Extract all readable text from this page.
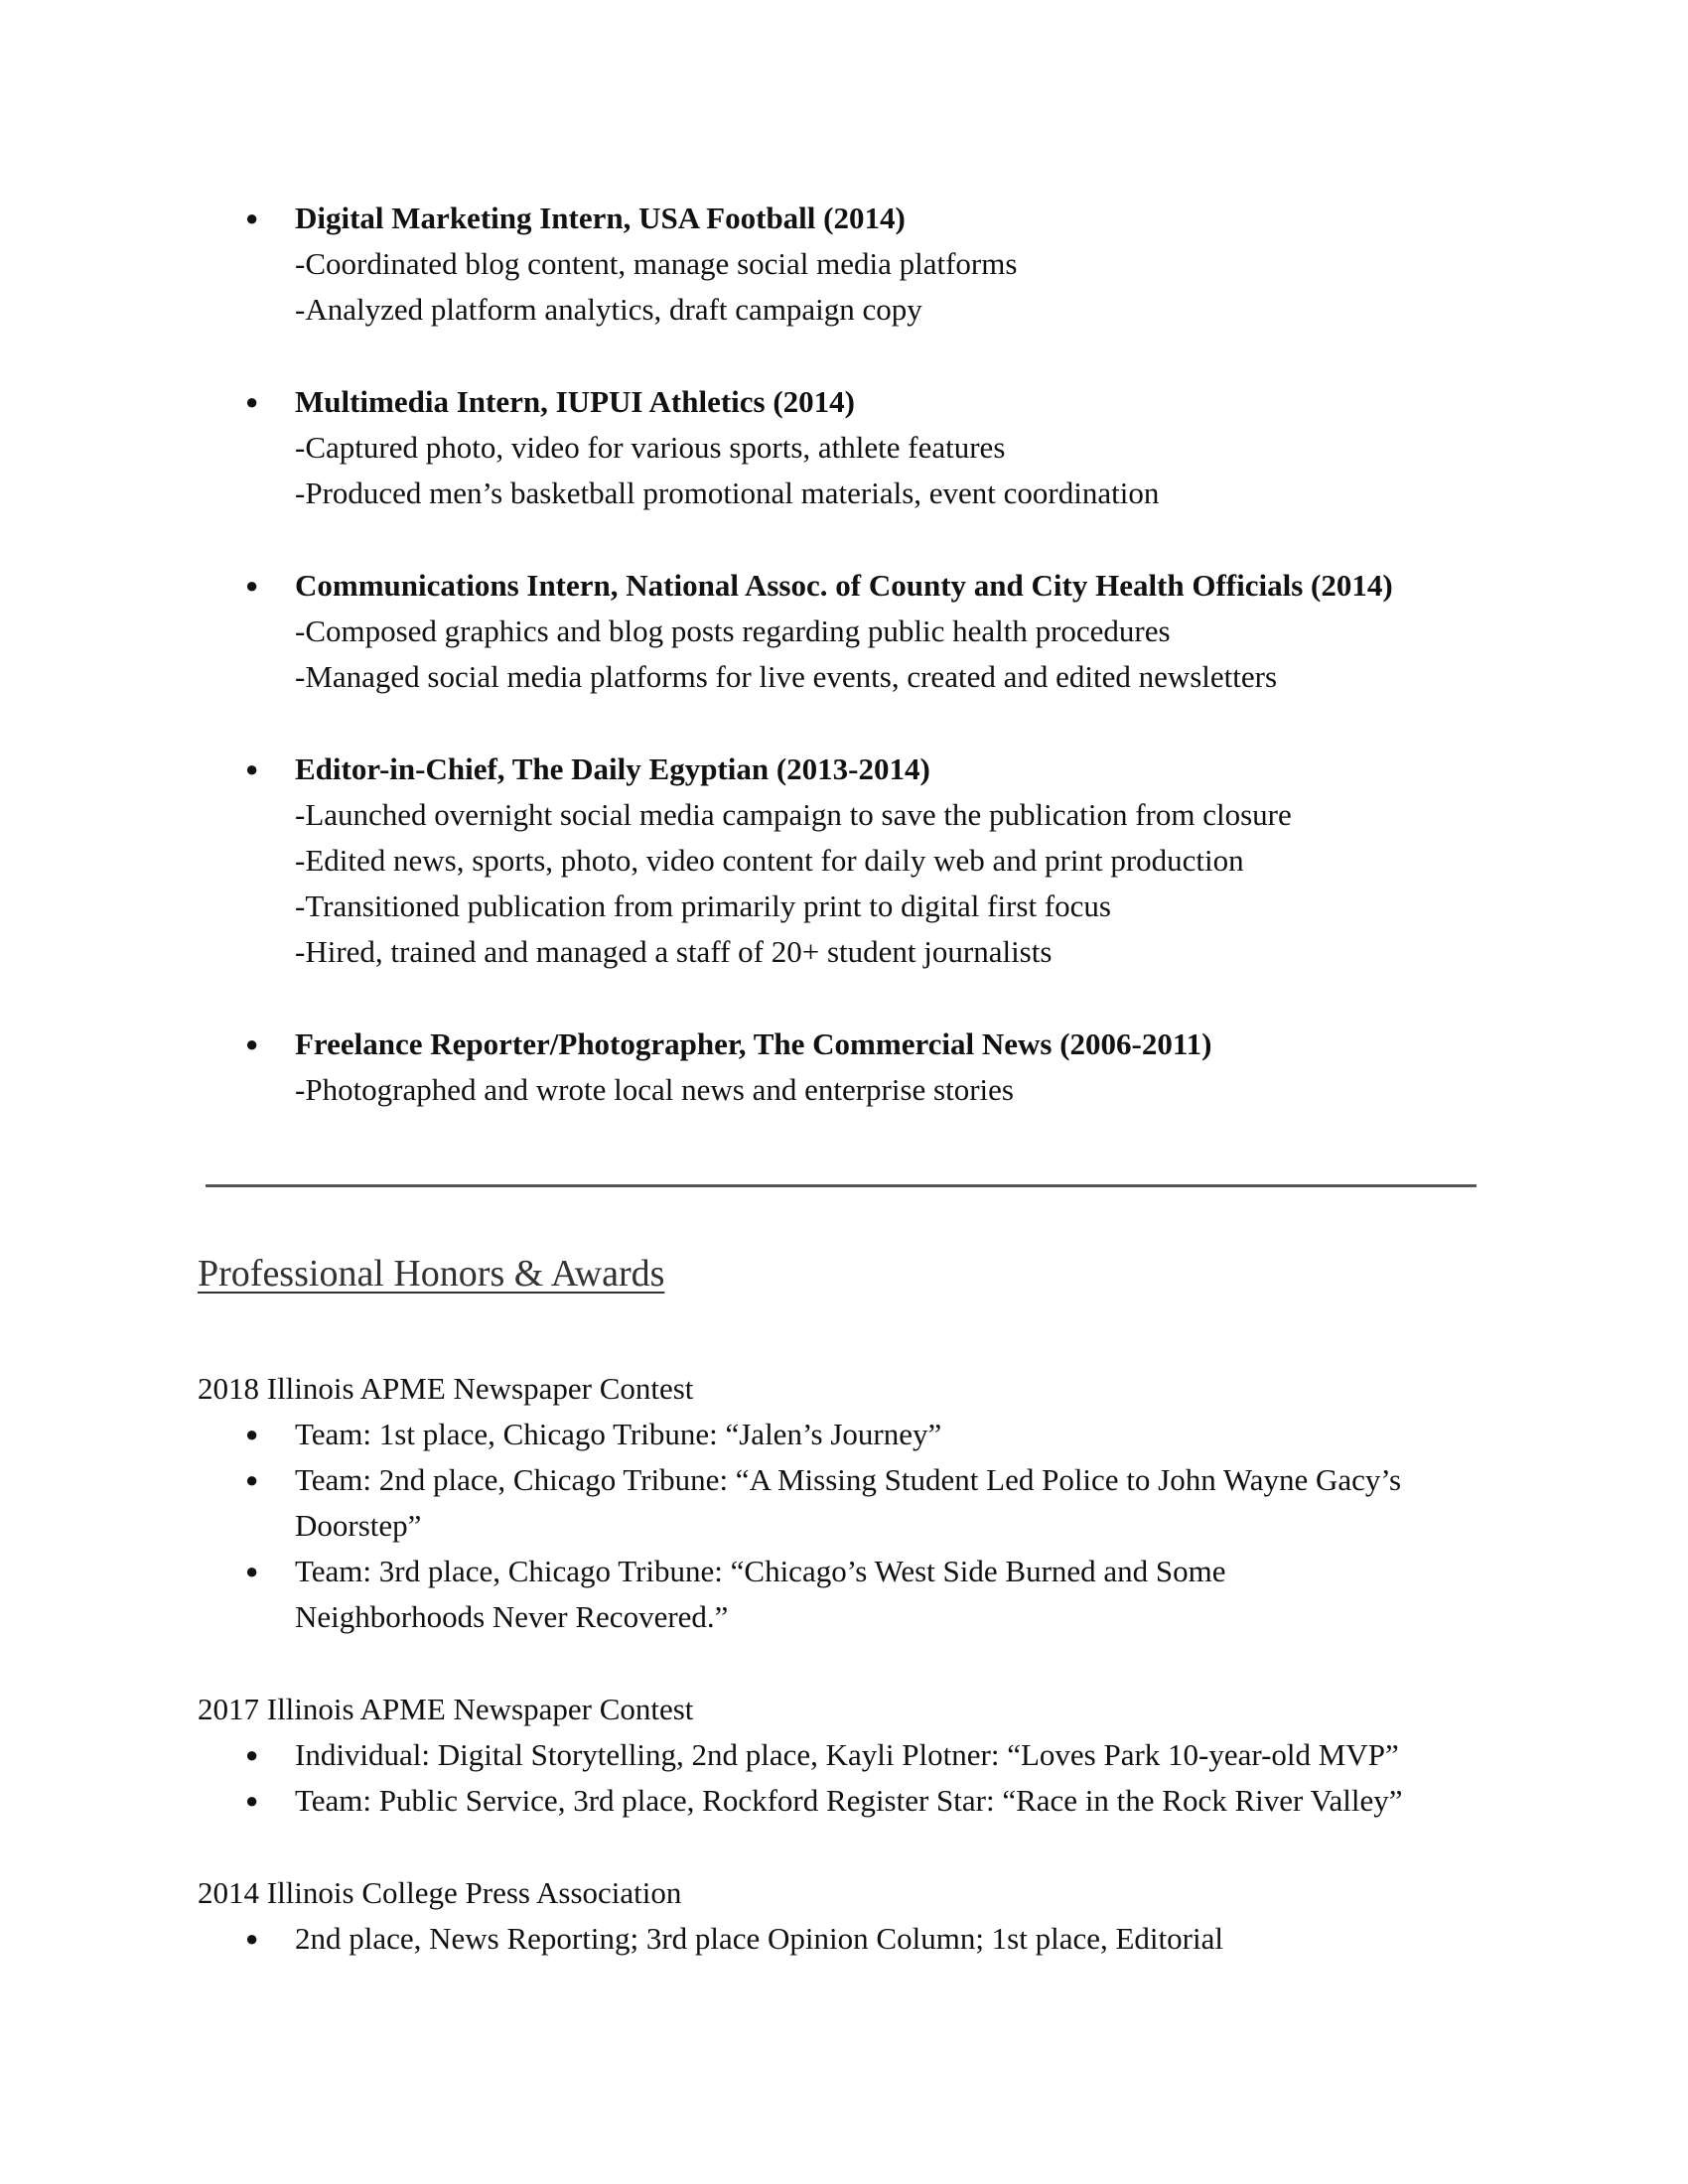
● Digital Marketing Intern, USA Football (2014)
-Coordinated blog content, manage social media platforms
-Analyzed platform analytics, draft campaign copy
● Multimedia Intern, IUPUI Athletics (2014)
-Captured photo, video for various sports, athlete features
-Produced men’s basketball promotional materials, event coordination
● Communications Intern, National Assoc. of County and City Health Officials (2014)
-Composed graphics and blog posts regarding public health procedures
-Managed social media platforms for live events, created and edited newsletters
● Editor-in-Chief, The Daily Egyptian (2013-2014)
-Launched overnight social media campaign to save the publication from closure
-Edited news, sports, photo, video content for daily web and print production
-Transitioned publication from primarily print to digital first focus
-Hired, trained and managed a staff of 20+ student journalists
● Freelance Reporter/Photographer, The Commercial News (2006-2011)
-Photographed and wrote local news and enterprise stories
Professional Honors & Awards
2018 Illinois APME Newspaper Contest
● Team: 1st place, Chicago Tribune: “Jalen’s Journey”
● Team: 2nd place, Chicago Tribune: “A Missing Student Led Police to John Wayne Gacy’s Doorstep”
● Team: 3rd place, Chicago Tribune: “Chicago’s West Side Burned and Some Neighborhoods Never Recovered.”
2017 Illinois APME Newspaper Contest
● Individual: Digital Storytelling, 2nd place, Kayli Plotner: “Loves Park 10-year-old MVP”
● Team: Public Service, 3rd place, Rockford Register Star: “Race in the Rock River Valley”
2014 Illinois College Press Association
● 2nd place, News Reporting; 3rd place Opinion Column; 1st place, Editorial
